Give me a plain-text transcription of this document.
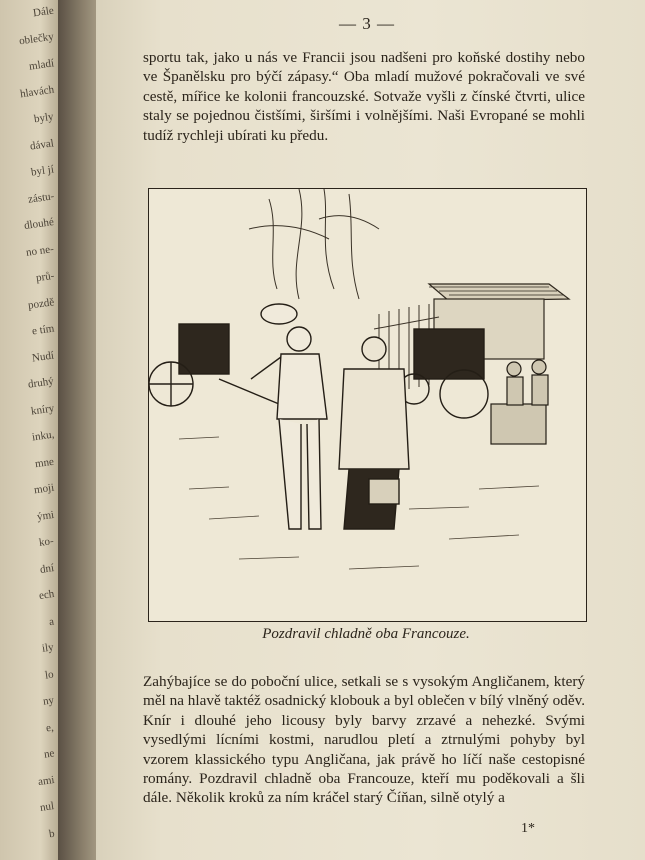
Dále
oblečky
mladí
hlavách
byly
dával
byl jí
zástu-
dlouhé
no ne-
prů-
pozdě
e tím
Nudí
druhý
kníry
inku,
mne
moji
ými
ko-
dní
ech
a
ily
lo
ny
e,
ne
ami
nul
b
— 3 —

sportu tak, jako u nás ve Francii jsou nadšeni pro koňské dostihy nebo ve Španělsku pro býčí zápasy.“ Oba mladí mužové pokračovali ve své cestě, mířice ke kolonii francouzské. Sotvaže vyšli z čínské čtvrti, ulice staly se pojednou čistšími, širšími i volnějšími. Naši Evropané se mohli tudíž rychleji ubírati ku předu.

Pozdravil chladně oba Francouze.

Zahýbajíce se do poboční ulice, setkali se s vysokým Angličanem, který měl na hlavě taktéž osadnický klobouk a byl oblečen v bílý vlněný oděv. Knír i dlouhé jeho licousy byly barvy zrzavé a nehezké. Svými vysedlými lícními kostmi, narudlou pletí a ztrnulými pohyby byl vzorem klassického typu Angličana, jak právě ho líčí naše cestopisné romány. Pozdravil chladně oba Francouze, kteří mu poděkovali a šli dále. Několik kroků za ním kráčel starý Číňan, silně otylý a

1*
